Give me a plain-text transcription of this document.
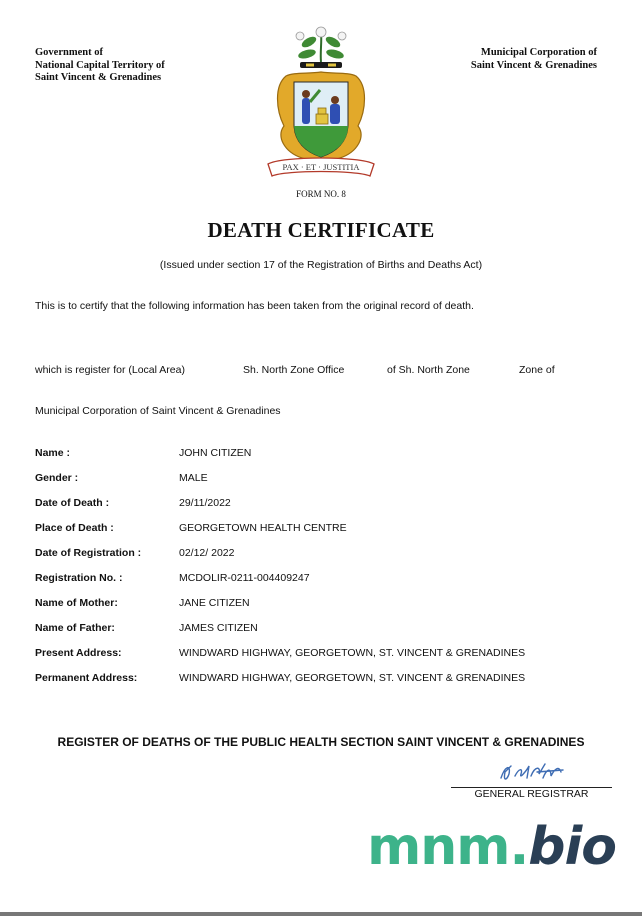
Government of
National Capital Territory of
Saint Vincent & Grenadines
Municipal Corporation of
Saint Vincent & Grenadines
PAX · ET · JUSTITIA
FORM NO. 8
DEATH CERTIFICATE
(Issued under section 17 of the Registration of Births and Deaths Act)
This is to certify that the following information has been taken from the original record of death.
which is register for (Local Area)	Sh. North Zone Office	of Sh. North Zone	Zone of
Municipal Corporation of Saint Vincent & Grenadines
Name :	JOHN CITIZEN
Gender :	MALE
Date of Death :	29/11/2022
Place of Death :	GEORGETOWN HEALTH CENTRE
Date of Registration :	02/12/ 2022
Registration No. :	MCDOLIR-0211-004409247
Name of Mother:	JANE CITIZEN
Name of Father:	JAMES CITIZEN
Present Address:	WINDWARD HIGHWAY, GEORGETOWN, ST. VINCENT & GRENADINES
Permanent Address:	WINDWARD HIGHWAY, GEORGETOWN, ST. VINCENT & GRENADINES
REGISTER OF DEATHS OF THE PUBLIC HEALTH SECTION SAINT VINCENT & GRENADINES
GENERAL REGISTRAR
mnm.bio
